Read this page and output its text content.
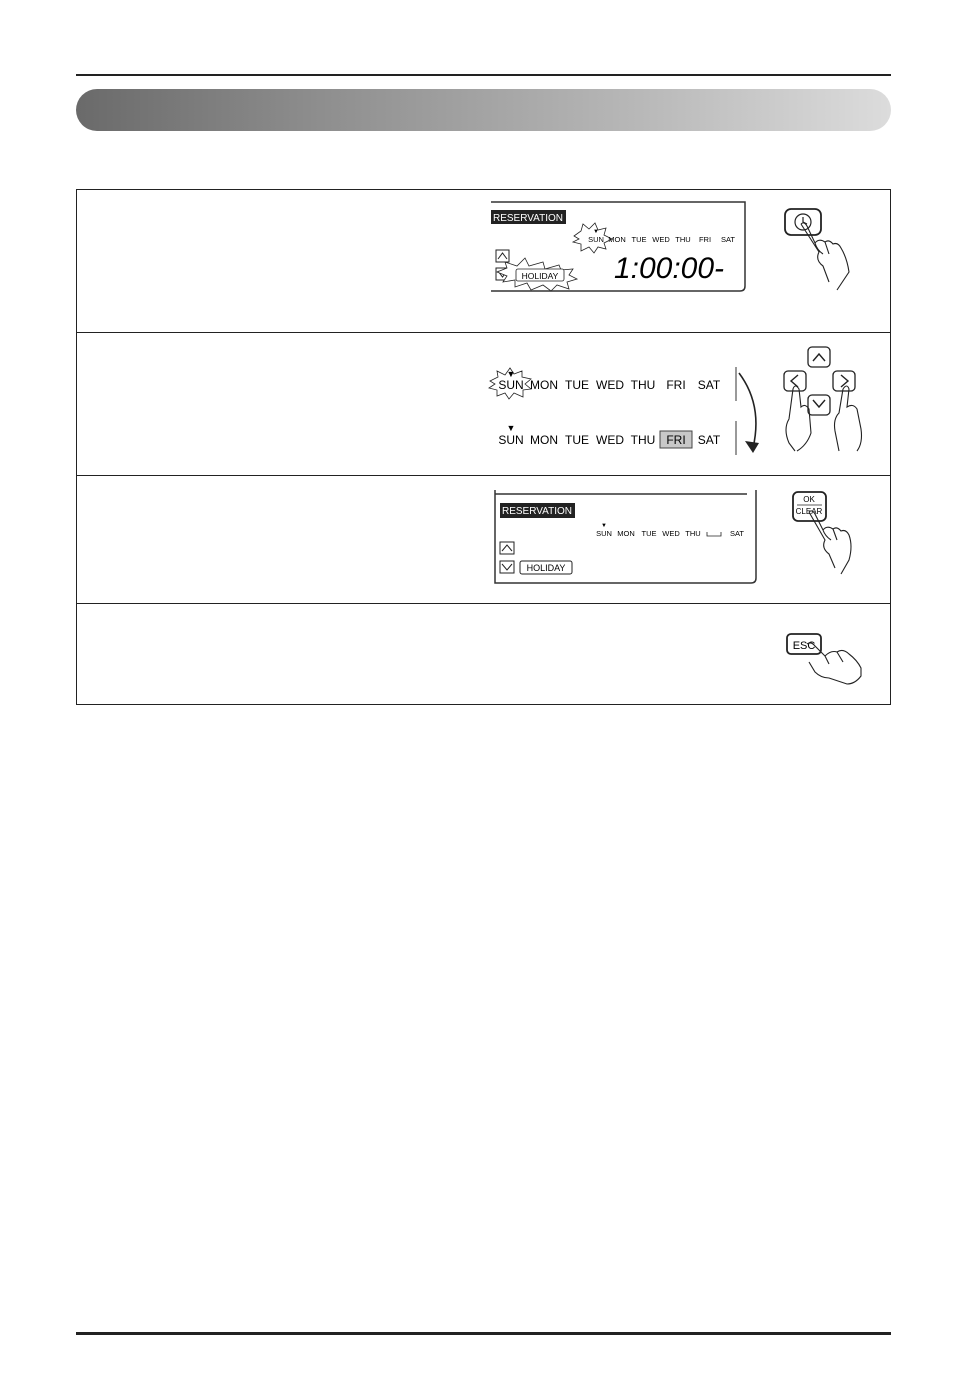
RESERVATION
▼
SUN MON TUE WED THU FRI SAT
HOLIDAY 1:00:00-
▼
SUN MON TUE WED THU FRI SAT
▼
SUN MON TUE WED THU FRI SAT
RESERVATION
▼
SUN MON TUE WED THU	SAT
HOLIDAY
OK
CLEAR
ESC
